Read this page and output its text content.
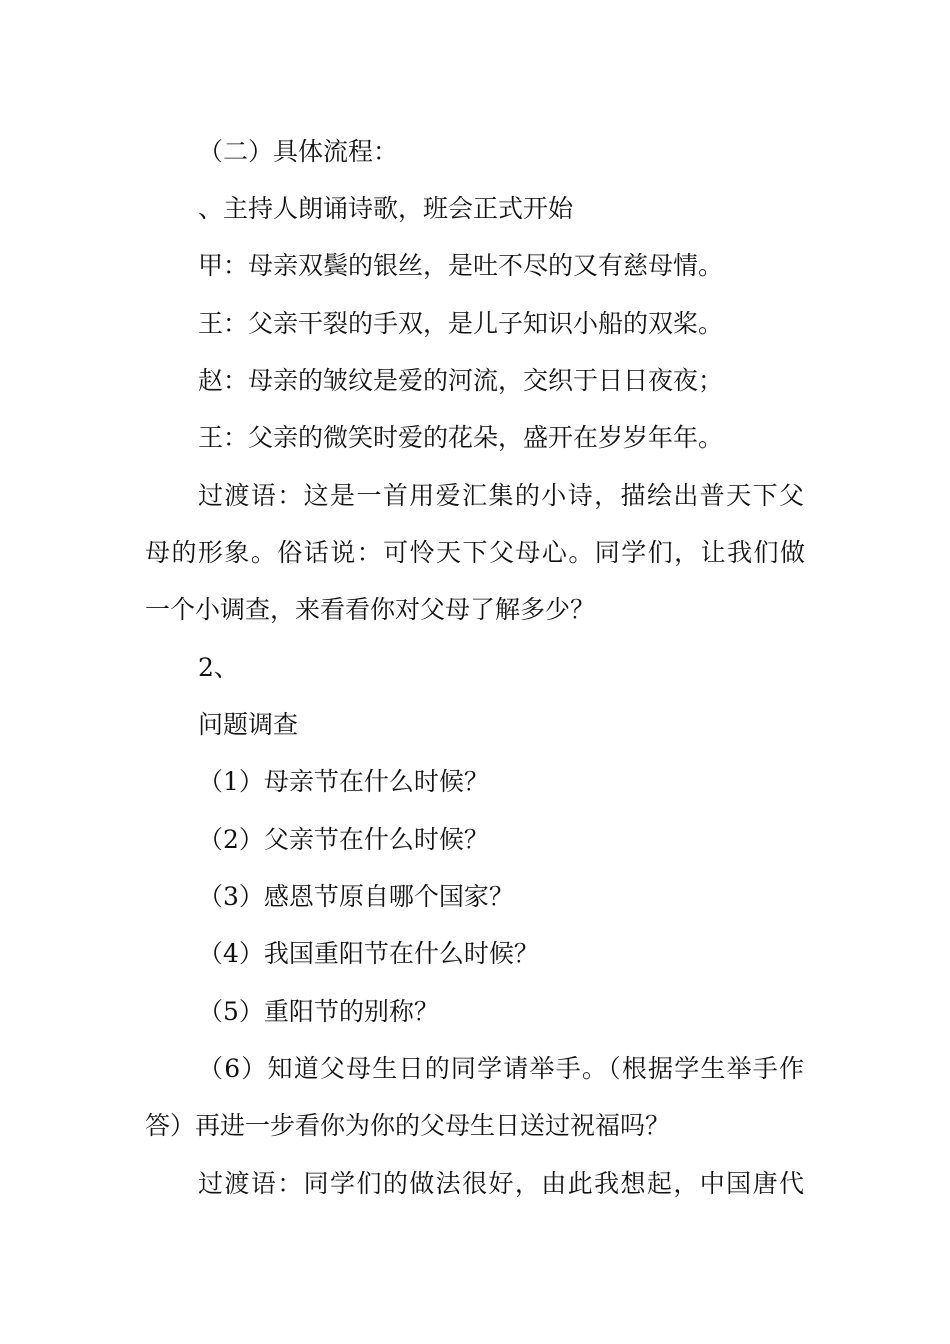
（二）具体流程：
、主持人朗诵诗歌，班会正式开始
甲：母亲双鬓的银丝，是吐不尽的又有慈母情。
王：父亲干裂的手双，是儿子知识小船的双桨。
赵：母亲的皱纹是爱的河流，交织于日日夜夜；
王：父亲的微笑时爱的花朵，盛开在岁岁年年。
过渡语：这是一首用爱汇集的小诗，描绘出普天下父
母的形象。俗话说：可怜天下父母心。同学们，让我们做
一个小调查，来看看你对父母了解多少？
2、
问题调查
（1）母亲节在什么时候？
（2）父亲节在什么时候？
（3）感恩节原自哪个国家？
（4）我国重阳节在什么时候？
（5）重阳节的别称？
（6）知道父母生日的同学请举手。（根据学生举手作
答）再进一步看你为你的父母生日送过祝福吗？
过渡语：同学们的做法很好，由此我想起，中国唐代
